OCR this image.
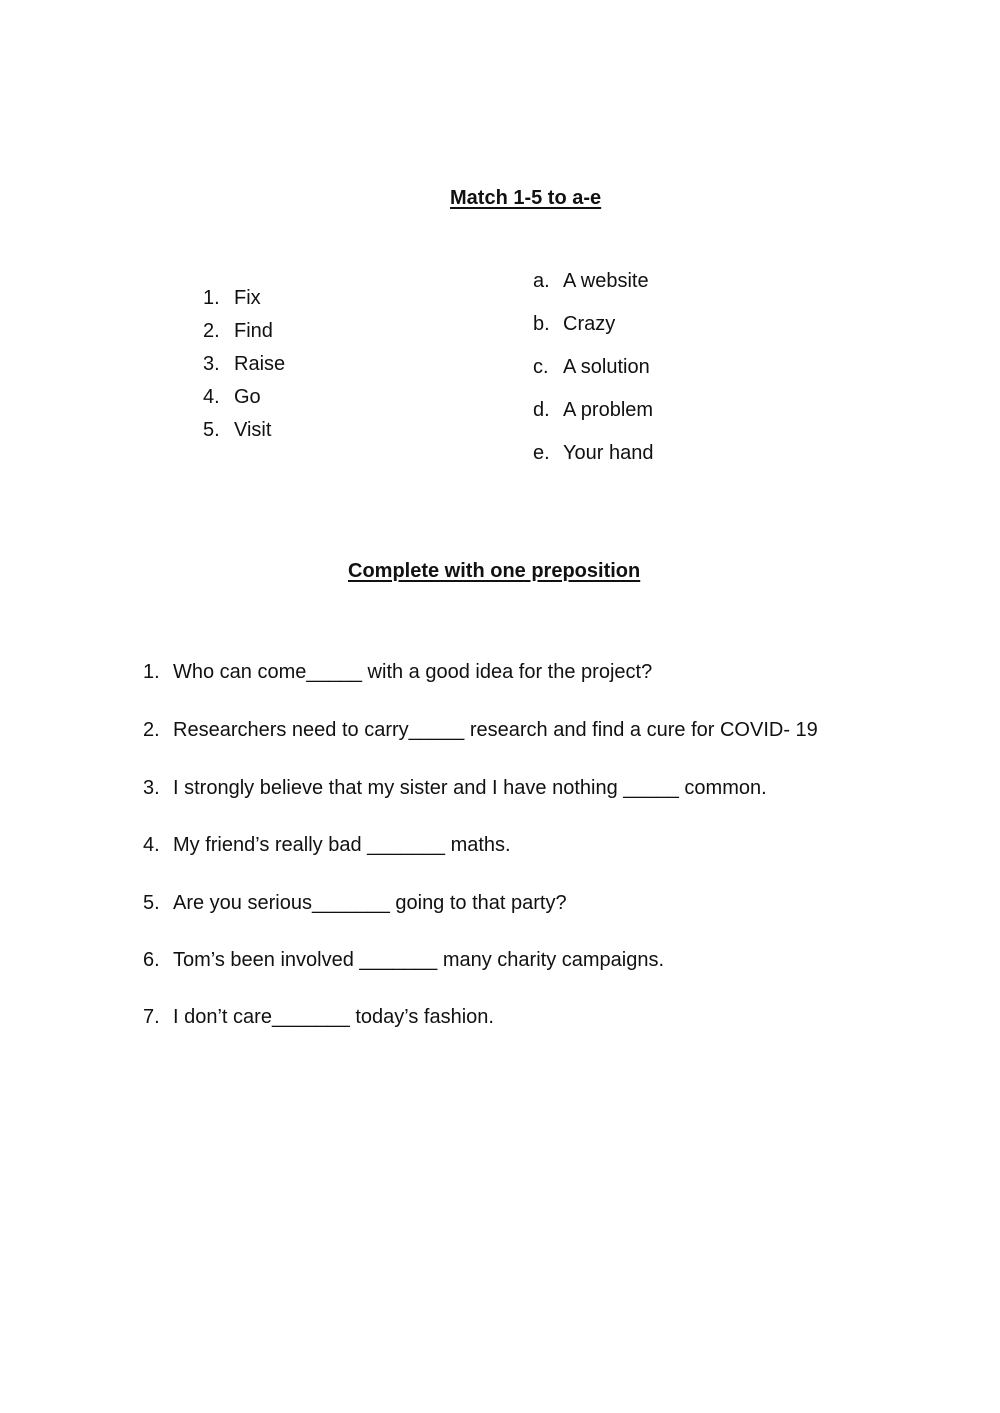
Match 1-5 to a-e
1. Fix
2. Find
3. Raise
4. Go
5. Visit
a. A website
b. Crazy
c. A solution
d. A problem
e. Your hand
Complete with one preposition
1. Who can come_____ with a good idea for the project?
2. Researchers need to carry_____ research and find a cure for COVID- 19
3. I strongly believe that my sister and I have nothing _____ common.
4. My friend’s really bad _______ maths.
5. Are you serious_______ going to that party?
6. Tom’s been involved _______ many charity campaigns.
7. I don’t care_______ today’s fashion.
